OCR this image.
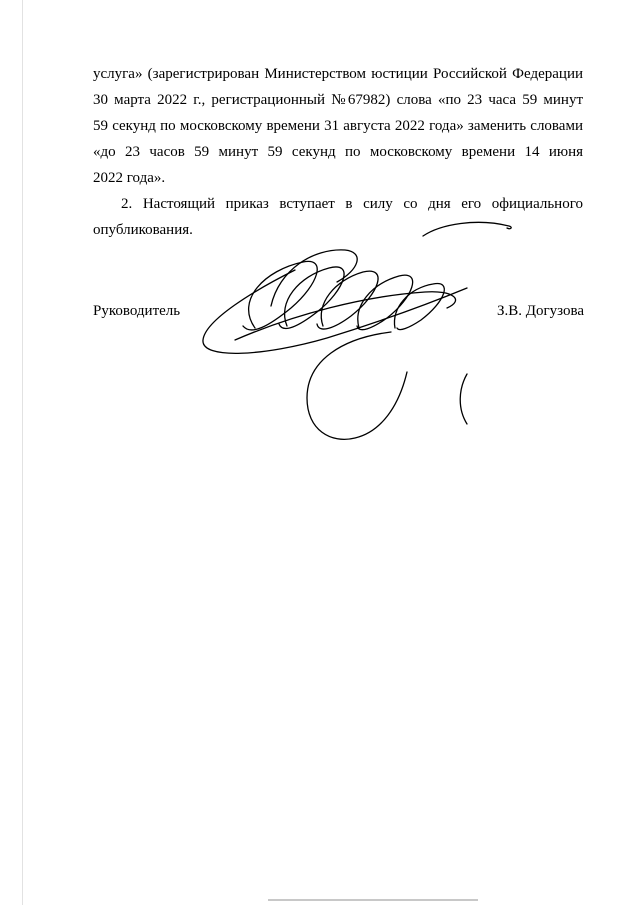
услуга» (зарегистрирован Министерством юстиции Российской Федерации
30 марта 2022 г., регистрационный №67982) слова «по 23 часа 59 минут
59 секунд по московскому времени 31 августа 2022 года» заменить словами
«до 23 часов 59 минут 59 секунд по московскому времени 14 июня
2022 года».
2. Настоящий приказ вступает в силу со дня его официального
опубликования.
Руководитель	З.В. Догузова
